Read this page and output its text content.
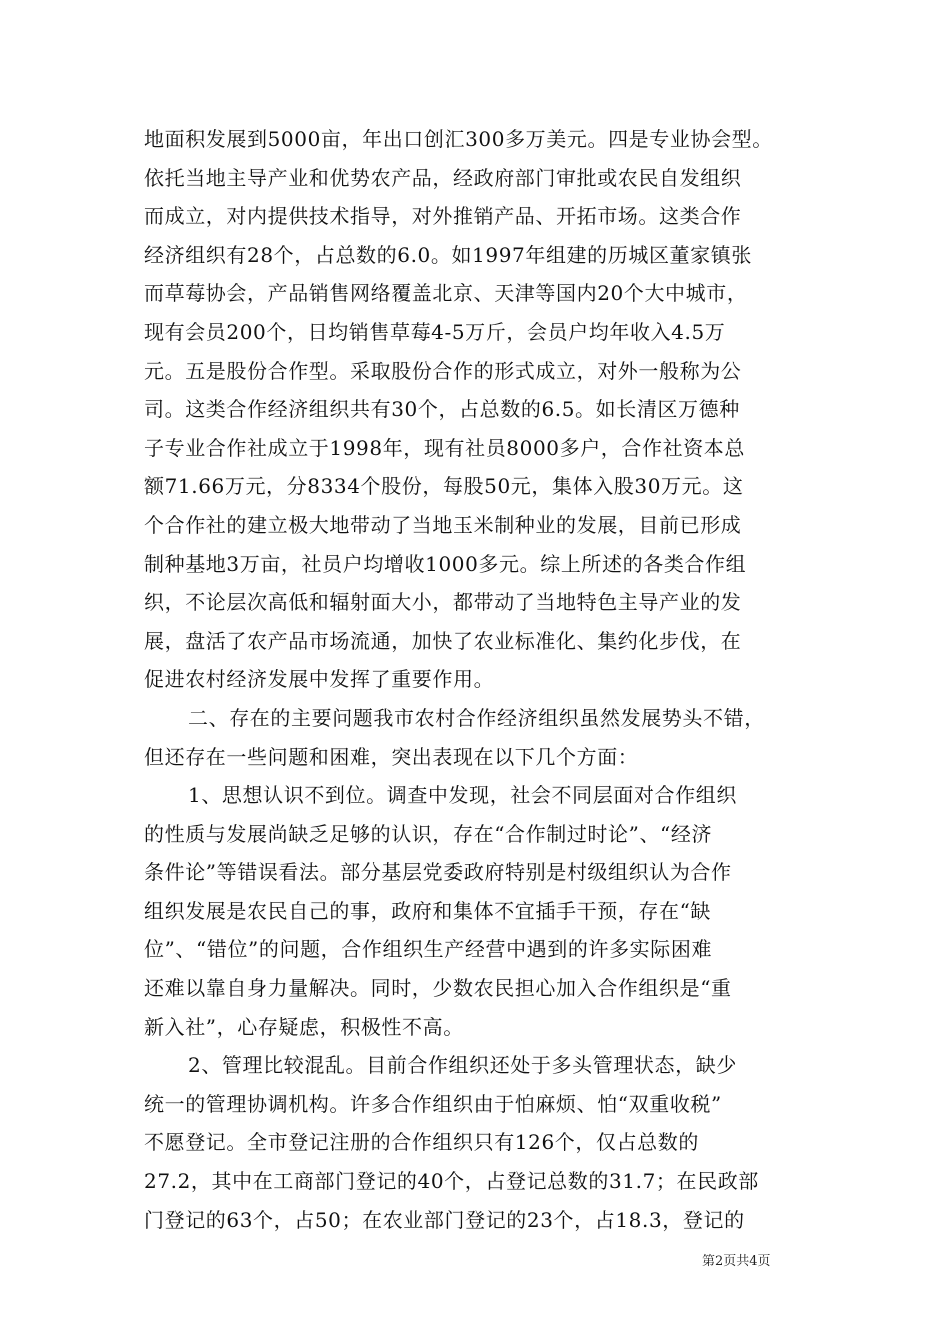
地面积发展到5000亩，年出口创汇300多万美元。四是专业协会型。
依托当地主导产业和优势农产品，经政府部门审批或农民自发组织
而成立，对内提供技术指导，对外推销产品、开拓市场。这类合作
经济组织有28个，占总数的6.0。如1997年组建的历城区董家镇张
而草莓协会，产品销售网络覆盖北京、天津等国内20个大中城市，
现有会员200个，日均销售草莓4-5万斤，会员户均年收入4.5万
元。五是股份合作型。采取股份合作的形式成立，对外一般称为公
司。这类合作经济组织共有30个，占总数的6.5。如长清区万德种
子专业合作社成立于1998年，现有社员8000多户，合作社资本总
额71.66万元，分8334个股份，每股50元，集体入股30万元。这
个合作社的建立极大地带动了当地玉米制种业的发展，目前已形成
制种基地3万亩，社员户均增收1000多元。综上所述的各类合作组
织，不论层次高低和辐射面大小，都带动了当地特色主导产业的发
展，盘活了农产品市场流通，加快了农业标准化、集约化步伐，在
促进农村经济发展中发挥了重要作用。
二、存在的主要问题我市农村合作经济组织虽然发展势头不错，
但还存在一些问题和困难，突出表现在以下几个方面：
1、思想认识不到位。调查中发现，社会不同层面对合作组织
的性质与发展尚缺乏足够的认识，存在“合作制过时论”、“经济
条件论”等错误看法。部分基层党委政府特别是村级组织认为合作
组织发展是农民自己的事，政府和集体不宜插手干预，存在“缺
位”、“错位”的问题，合作组织生产经营中遇到的许多实际困难
还难以靠自身力量解决。同时，少数农民担心加入合作组织是“重
新入社”，心存疑虑，积极性不高。
2、管理比较混乱。目前合作组织还处于多头管理状态，缺少
统一的管理协调机构。许多合作组织由于怕麻烦、怕“双重收税”
不愿登记。全市登记注册的合作组织只有126个，仅占总数的
27.2，其中在工商部门登记的40个，占登记总数的31.7；在民政部
门登记的63个，占50；在农业部门登记的23个，占18.3，登记的
第2页共4页
